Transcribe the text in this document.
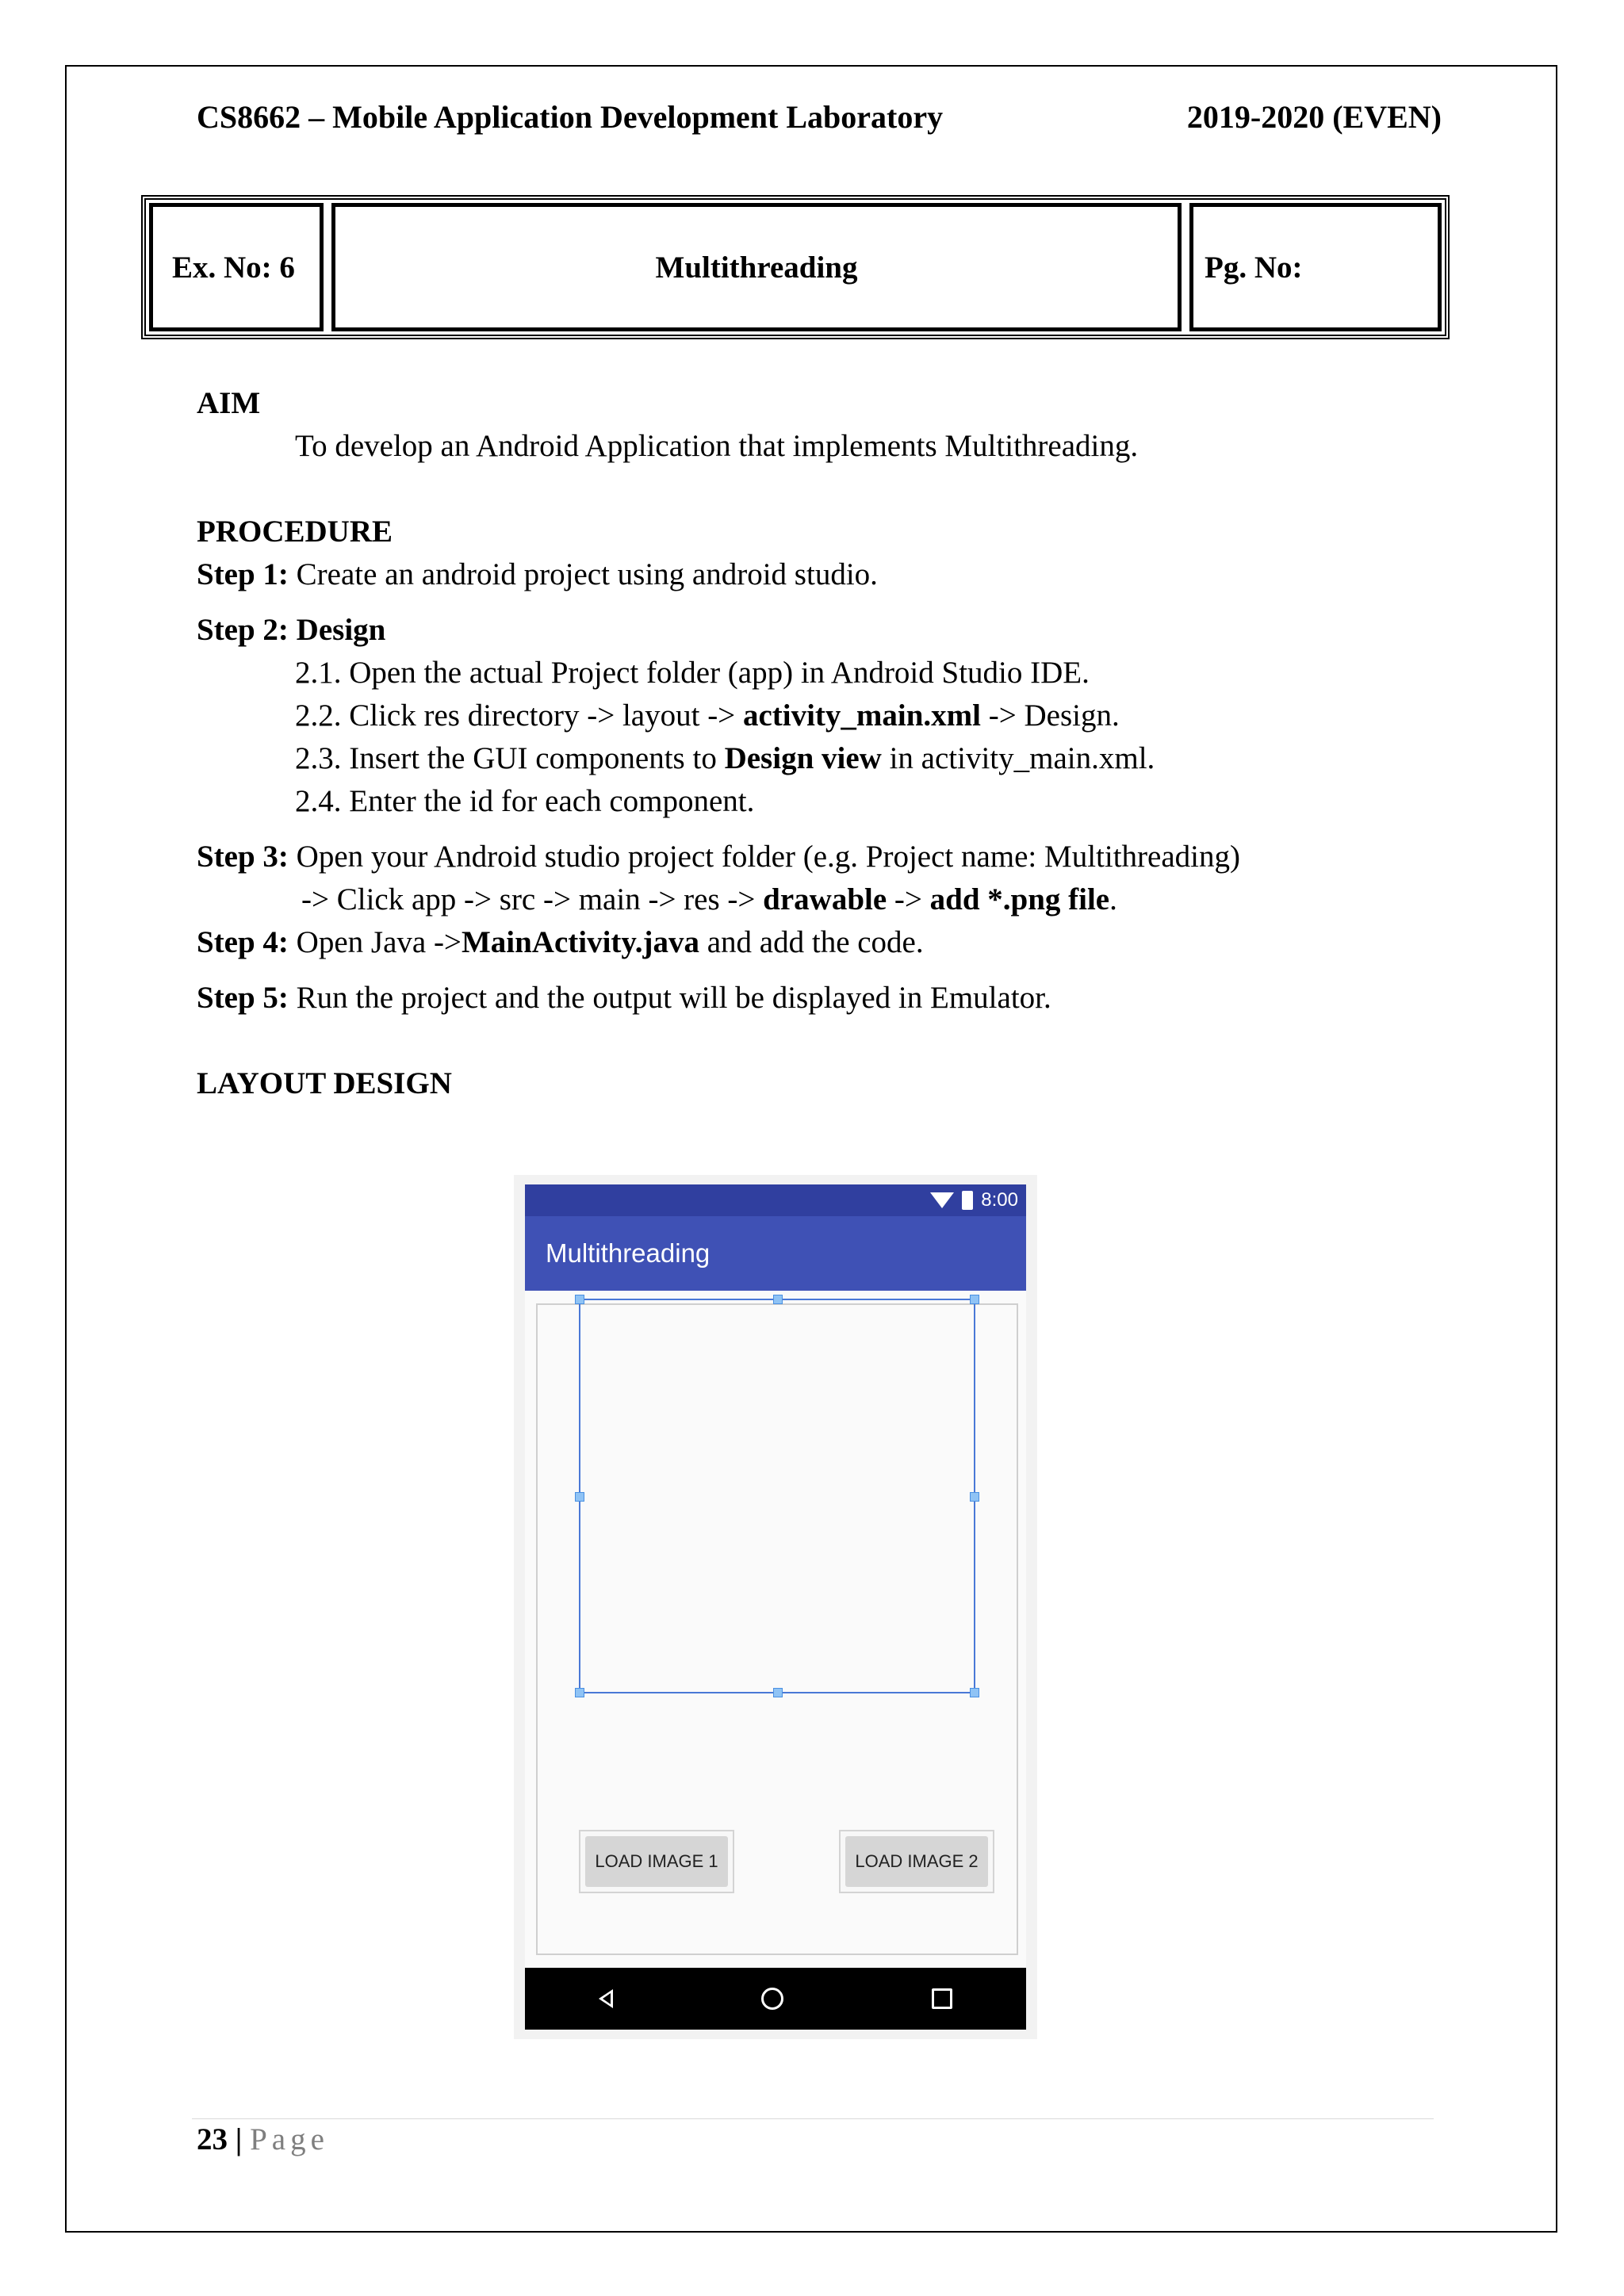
CS8662 – Mobile Application Development Laboratory	2019-2020 (EVEN)
Ex. No: 6	Multithreading	Pg. No:

AIM

To develop an Android Application that implements Multithreading.

PROCEDURE

Step 1: Create an android project using android studio.

Step 2: Design

2.1. Open the actual Project folder (app) in Android Studio IDE.

2.2. Click res directory -> layout -> activity_main.xml -> Design.

2.3. Insert the GUI components to Design view in activity_main.xml.

2.4. Enter the id for each component.

Step 3: Open your Android studio project folder (e.g. Project name: Multithreading)

-> Click app -> src -> main -> res -> drawable -> add *.png file.

Step 4: Open Java ->MainActivity.java and add the code.

Step 5: Run the project and the output will be displayed in Emulator.

LAYOUT DESIGN

8:00
Multithreading
LOAD IMAGE 1	LOAD IMAGE 2
23 | Page
